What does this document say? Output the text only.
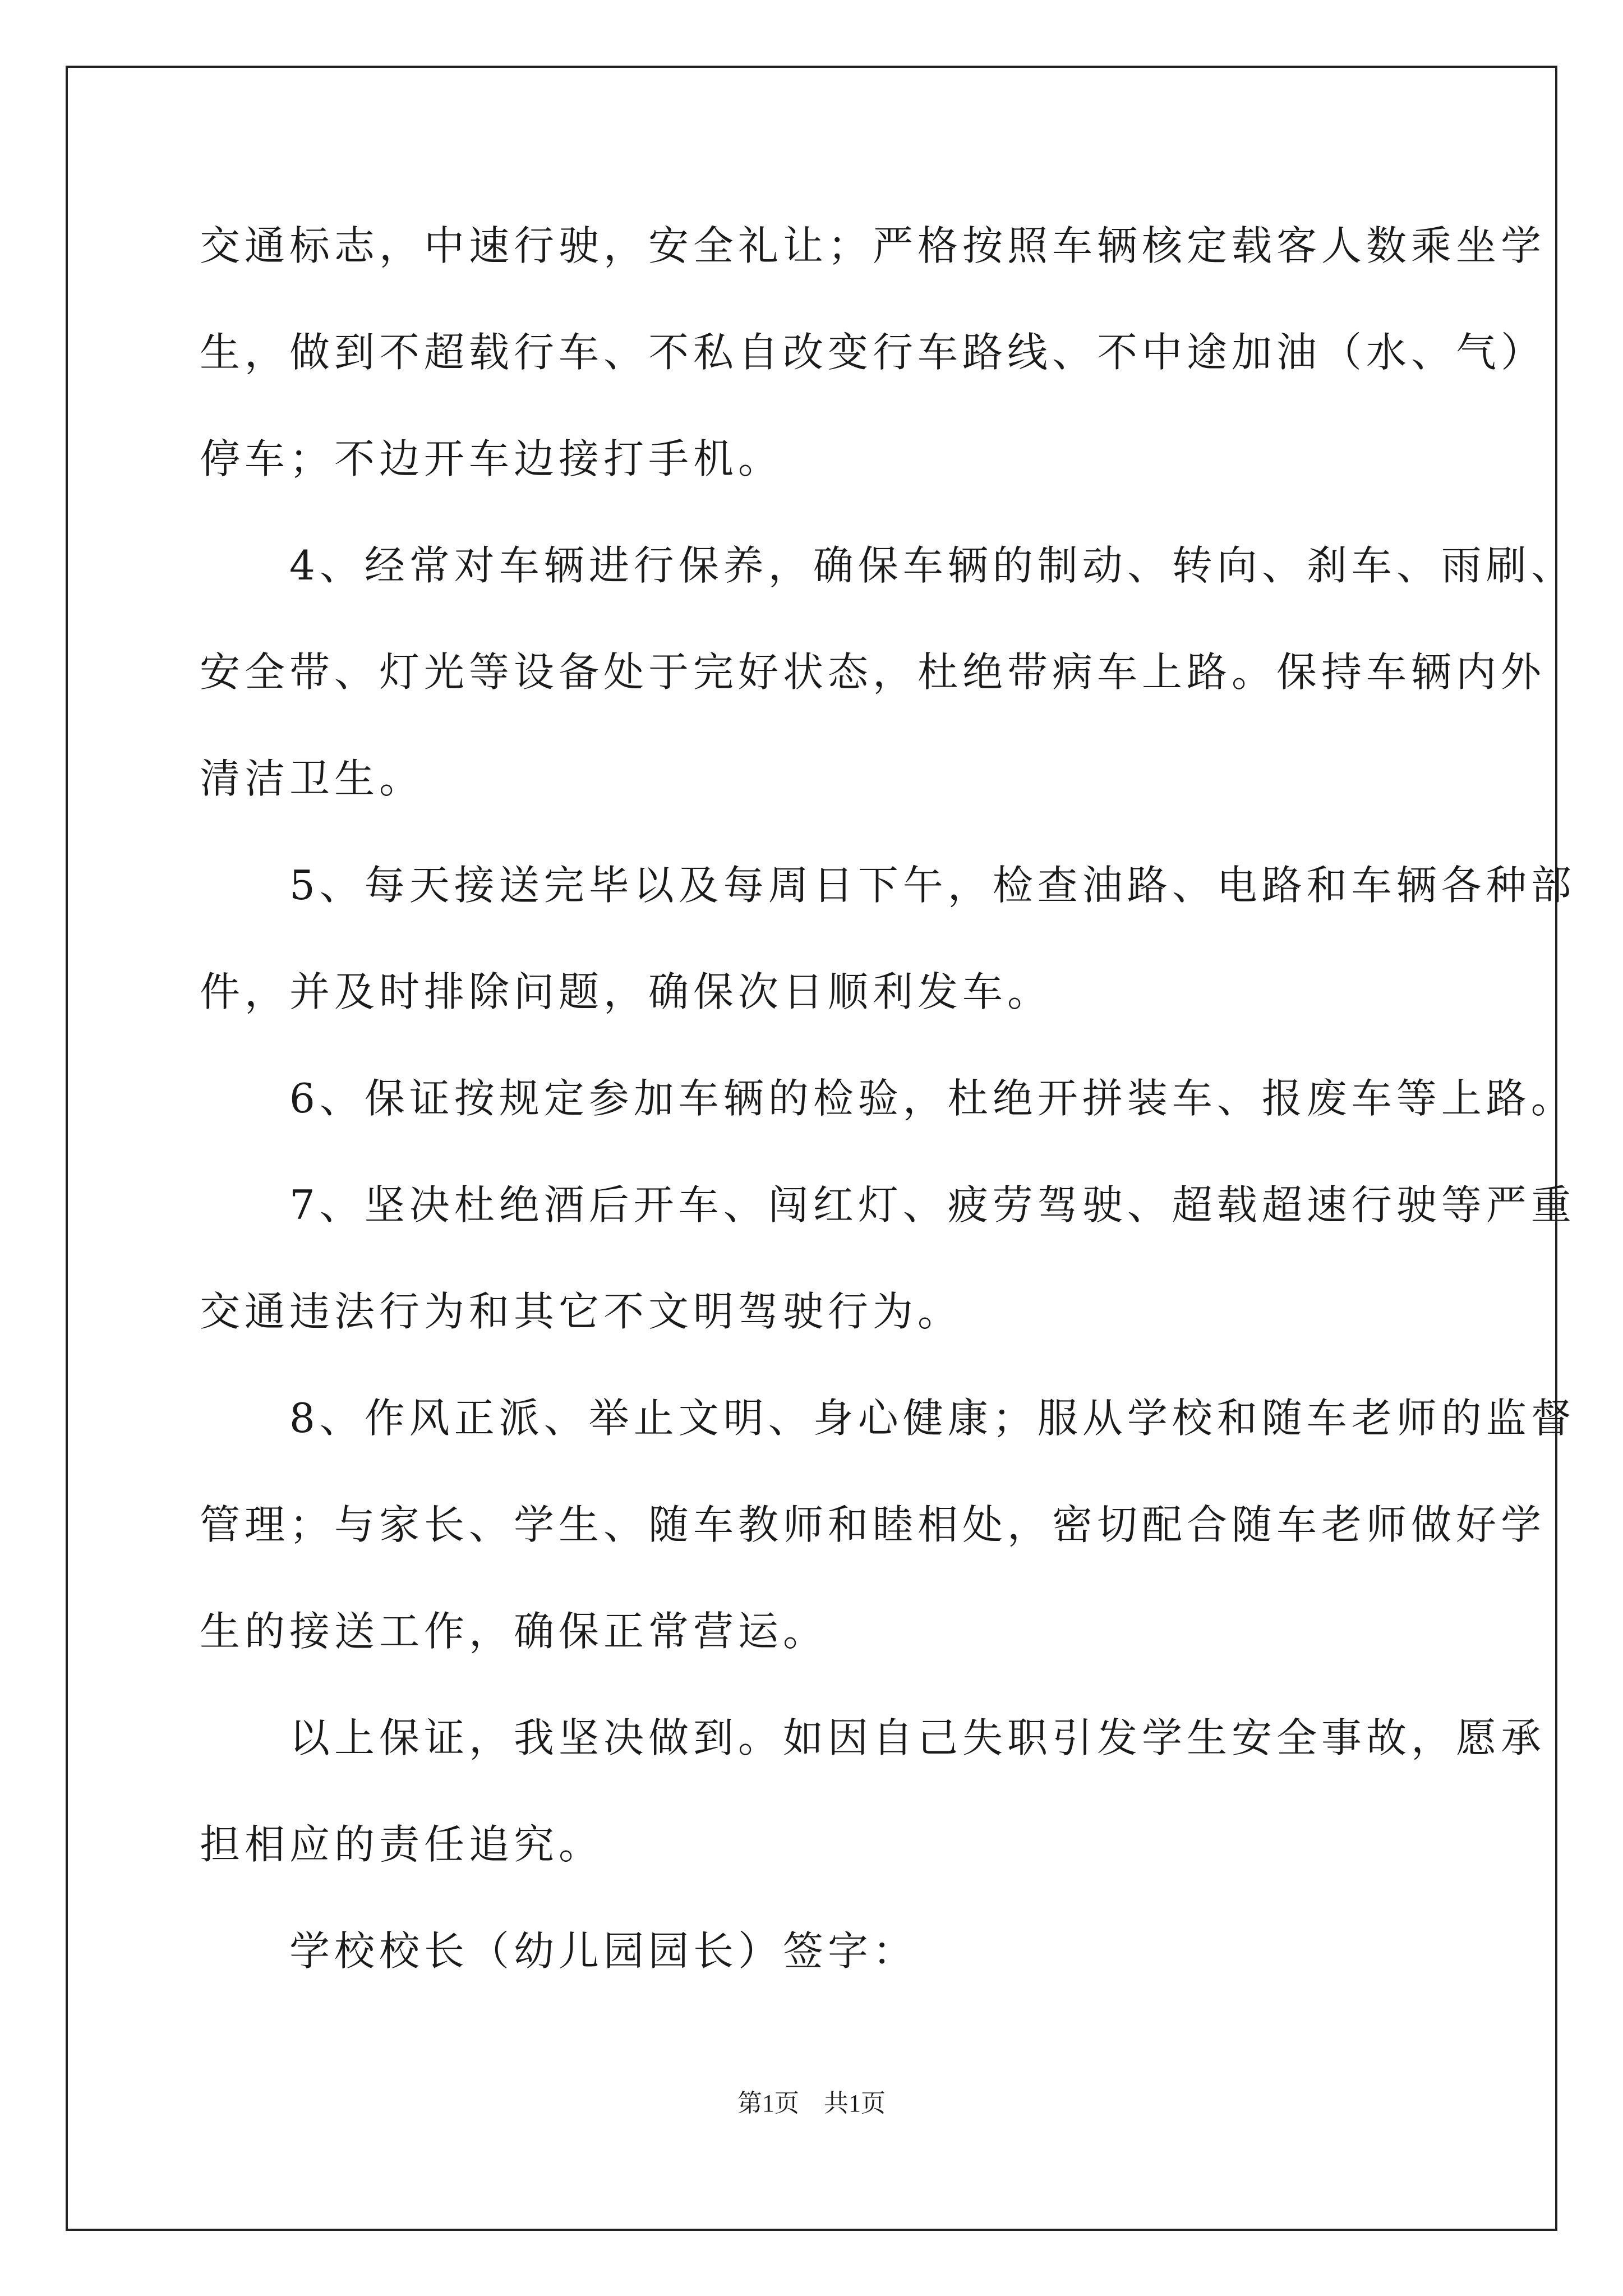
交通标志，中速行驶，安全礼让；严格按照车辆核定载客人数乘坐学

生，做到不超载行车、不私自改变行车路线、不中途加油（水、气）

停车；不边开车边接打手机。

　　4、经常对车辆进行保养，确保车辆的制动、转向、刹车、雨刷、

安全带、灯光等设备处于完好状态，杜绝带病车上路。保持车辆内外

清洁卫生。

　　5、每天接送完毕以及每周日下午，检查油路、电路和车辆各种部

件，并及时排除问题，确保次日顺利发车。

　　6、保证按规定参加车辆的检验，杜绝开拼装车、报废车等上路。

　　7、坚决杜绝酒后开车、闯红灯、疲劳驾驶、超载超速行驶等严重

交通违法行为和其它不文明驾驶行为。

　　8、作风正派、举止文明、身心健康；服从学校和随车老师的监督

管理；与家长、学生、随车教师和睦相处，密切配合随车老师做好学

生的接送工作，确保正常营运。

　　以上保证，我坚决做到。如因自己失职引发学生安全事故，愿承

担相应的责任追究。

　　学校校长（幼儿园园长）签字：

第1页 共1页
